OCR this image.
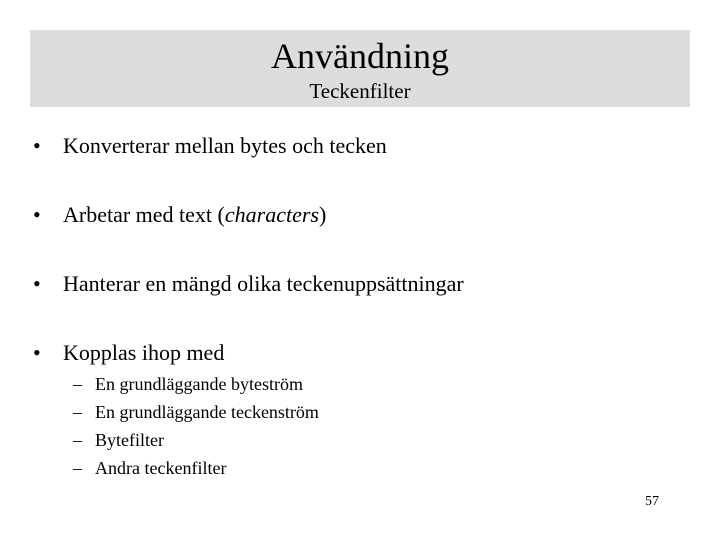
Användning
Teckenfilter
• Konverterar mellan bytes och tecken
• Arbetar med text (characters)
• Hanterar en mängd olika teckenuppsättningar
• Kopplas ihop med
– En grundläggande byteström
– En grundläggande teckenström
– Bytefilter
– Andra teckenfilter
57
